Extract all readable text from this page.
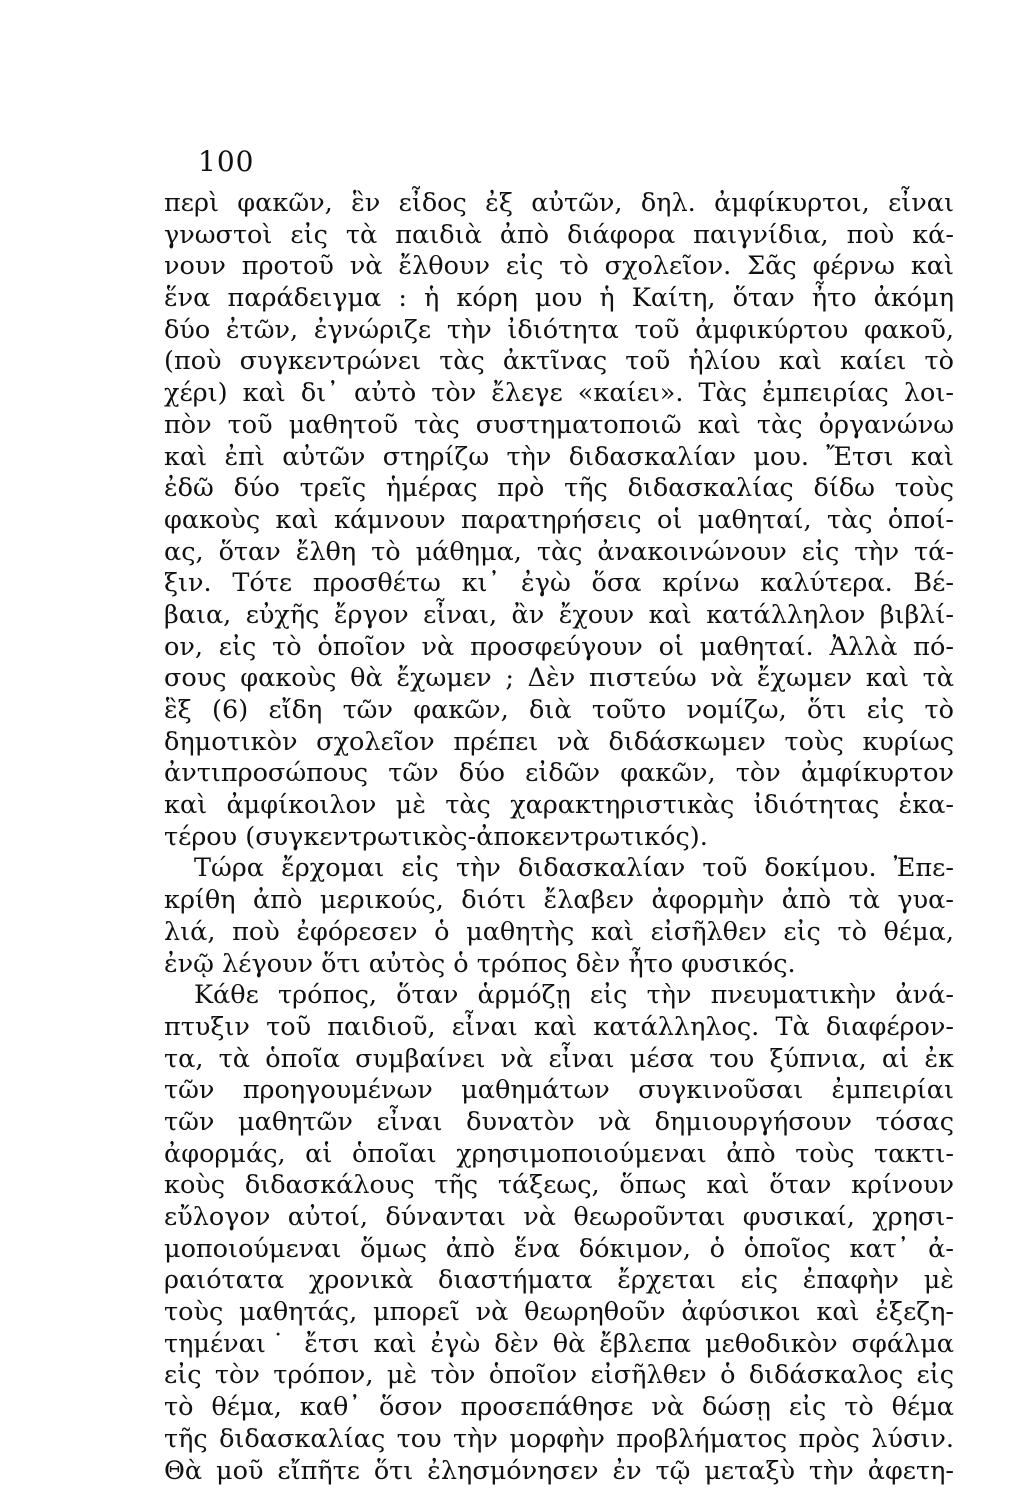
100
περὶ φακῶν, ἓν εἶδος ἐξ αὐτῶν, δηλ. ἀμφίκυρτοι, εἶναι
γνωστοὶ εἰς τὰ παιδιὰ ἀπὸ διάφορα παιγνίδια, ποὺ κά-
νουν προτοῦ νὰ ἔλθουν εἰς τὸ σχολεῖον. Σᾶς φέρνω καὶ
ἕνα παράδειγμα : ἡ κόρη μου ἡ Καίτη, ὅταν ἦτο ἀκόμη
δύο ἐτῶν, ἐγνώριζε τὴν ἰδιότητα τοῦ ἀμφικύρτου φακοῦ,
(ποὺ συγκεντρώνει τὰς ἀκτῖνας τοῦ ἡλίου καὶ καίει τὸ
χέρι) καὶ δι᾽ αὐτὸ τὸν ἔλεγε «καίει». Τὰς ἐμπειρίας λοι-
πὸν τοῦ μαθητοῦ τὰς συστηματοποιῶ καὶ τὰς ὀργανώνω
καὶ ἐπὶ αὐτῶν στηρίζω τὴν διδασκαλίαν μου. Ἔτσι καὶ
ἐδῶ δύο τρεῖς ἡμέρας πρὸ τῆς διδασκαλίας δίδω τοὺς
φακοὺς καὶ κάμνουν παρατηρήσεις οἱ μαθηταί, τὰς ὁποί-
ας, ὅταν ἔλθη τὸ μάθημα, τὰς ἀνακοινώνουν εἰς τὴν τά-
ξιν. Τότε προσθέτω κι᾽ ἐγὼ ὅσα κρίνω καλύτερα. Βέ-
βαια, εὐχῆς ἔργον εἶναι, ἂν ἔχουν καὶ κατάλληλον βιβλί-
ον, εἰς τὸ ὁποῖον νὰ προσφεύγουν οἱ μαθηταί. Ἀλλὰ πό-
σους φακοὺς θὰ ἔχωμεν ; Δὲν πιστεύω νὰ ἔχωμεν καὶ τὰ
ἓξ (6) εἴδη τῶν φακῶν, διὰ τοῦτο νομίζω, ὅτι εἰς τὸ
δημοτικὸν σχολεῖον πρέπει νὰ διδάσκωμεν τοὺς κυρίως
ἀντιπροσώπους τῶν δύο εἰδῶν φακῶν, τὸν ἀμφίκυρτον
καὶ ἀμφίκοιλον μὲ τὰς χαρακτηριστικὰς ἰδιότητας ἑκα-
τέρου (συγκεντρωτικὸς-ἀποκεντρωτικός).
Τώρα ἔρχομαι εἰς τὴν διδασκαλίαν τοῦ δοκίμου. Ἐπε-
κρίθη ἀπὸ μερικούς, διότι ἔλαβεν ἀφορμὴν ἀπὸ τὰ γυα-
λιά, ποὺ ἐφόρεσεν ὁ μαθητὴς καὶ εἰσῆλθεν εἰς τὸ θέμα,
ἐνῷ λέγουν ὅτι αὐτὸς ὁ τρόπος δὲν ἦτο φυσικός.
Κάθε τρόπος, ὅταν ἁρμόζῃ εἰς τὴν πνευματικὴν ἀνά-
πτυξιν τοῦ παιδιοῦ, εἶναι καὶ κατάλληλος. Τὰ διαφέρον-
τα, τὰ ὁποῖα συμβαίνει νὰ εἶναι μέσα του ξύπνια, αἱ ἐκ
τῶν προηγουμένων μαθημάτων συγκινοῦσαι ἐμπειρίαι
τῶν μαθητῶν εἶναι δυνατὸν νὰ δημιουργήσουν τόσας
ἀφορμάς, αἱ ὁποῖαι χρησιμοποιούμεναι ἀπὸ τοὺς τακτι-
κοὺς διδασκάλους τῆς τάξεως, ὅπως καὶ ὅταν κρίνουν
εὔλογον αὐτοί, δύνανται νὰ θεωροῦνται φυσικαί, χρησι-
μοποιούμεναι ὅμως ἀπὸ ἕνα δόκιμον, ὁ ὁποῖος κατ᾽ ἀ-
ραιότατα χρονικὰ διαστήματα ἔρχεται εἰς ἐπαφὴν μὲ
τοὺς μαθητάς, μπορεῖ νὰ θεωρηθοῦν ἀφύσικοι καὶ ἐξεζη-
τημέναι˙ ἔτσι καὶ ἐγὼ δὲν θὰ ἔβλεπα μεθοδικὸν σφάλμα
εἰς τὸν τρόπον, μὲ τὸν ὁποῖον εἰσῆλθεν ὁ διδάσκαλος εἰς
τὸ θέμα, καθ᾽ ὅσον προσεπάθησε νὰ δώσῃ εἰς τὸ θέμα
τῆς διδασκαλίας του τὴν μορφὴν προβλήματος πρὸς λύσιν.
Θὰ μοῦ εἴπῆτε ὅτι ἐλησμόνησεν ἐν τῷ μεταξὺ τὴν ἀφετη-
